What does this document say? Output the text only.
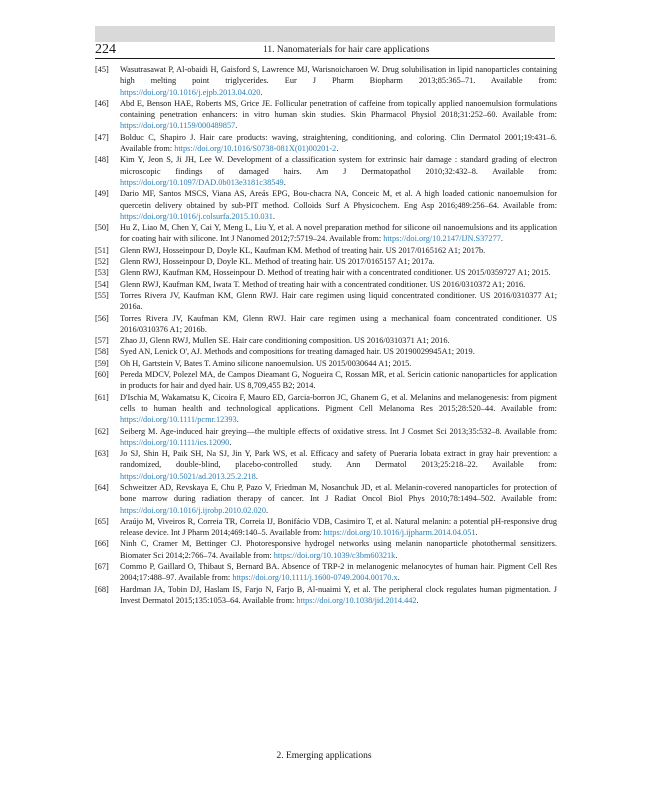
224	11. Nanomaterials for hair care applications
[45] Wasutrasawat P, Al-obaidi H, Gaisford S, Lawrence MJ, Warisnoicharoen W. Drug solubilisation in lipid nanoparticles containing high melting point triglycerides. Eur J Pharm Biopharm 2013;85:365–71. Available from: https://doi.org/10.1016/j.ejpb.2013.04.020.
[46] Abd E, Benson HAE, Roberts MS, Grice JE. Follicular penetration of caffeine from topically applied nanoemulsion formulations containing penetration enhancers: in vitro human skin studies. Skin Pharmacol Physiol 2018;31:252–60. Available from: https://doi.org/10.1159/000489857.
[47] Bolduc C, Shapiro J. Hair care products: waving, straightening, conditioning, and coloring. Clin Dermatol 2001;19:431–6. Available from: https://doi.org/10.1016/S0738-081X(01)00201-2.
[48] Kim Y, Jeon S, Ji JH, Lee W. Development of a classification system for extrinsic hair damage : standard grading of electron microscopic findings of damaged hairs. Am J Dermatopathol 2010;32:432–8. Available from: https://doi.org/10.1097/DAD.0b013e3181c38549.
[49] Dario MF, Santos MSCS, Viana AS, Areás EPG, Bou-chacra NA, Conceic M, et al. A high loaded cationic nanoemulsion for quercetin delivery obtained by sub-PIT method. Colloids Surf A Physicochem. Eng Asp 2016;489:256–64. Available from: https://doi.org/10.1016/j.colsurfa.2015.10.031.
[50] Hu Z, Liao M, Chen Y, Cai Y, Meng L, Liu Y, et al. A novel preparation method for silicone oil nanoemulsions and its application for coating hair with silicone. Int J Nanomed 2012;7:5719–24. Available from: https://doi.org/10.2147/IJN.S37277.
[51] Glenn RWJ, Hosseinpour D, Doyle KL, Kaufman KM. Method of treating hair. US 2017/0165162 A1; 2017b.
[52] Glenn RWJ, Hosseinpour D, Doyle KL. Method of treating hair. US 2017/0165157 A1; 2017a.
[53] Glenn RWJ, Kaufman KM, Hosseinpour D. Method of treating hair with a concentrated conditioner. US 2015/0359727 A1; 2015.
[54] Glenn RWJ, Kaufman KM, Iwata T. Method of treating hair with a concentrated conditioner. US 2016/0310372 A1; 2016.
[55] Torres Rivera JV, Kaufman KM, Glenn RWJ. Hair care regimen using liquid concentrated conditioner. US 2016/0310377 A1; 2016a.
[56] Torres Rivera JV, Kaufman KM, Glenn RWJ. Hair care regimen using a mechanical foam concentrated conditioner. US 2016/0310376 A1; 2016b.
[57] Zhao JJ, Glenn RWJ, Mullen SE. Hair care conditioning composition. US 2016/0310371 A1; 2016.
[58] Syed AN, Lenick O', AJ. Methods and compositions for treating damaged hair. US 20190029945A1; 2019.
[59] Oh H, Gartstein V, Bates T. Amino silicone nanoemulsion. US 2015/0030644 A1; 2015.
[60] Pereda MDCV, Polezel MA, de Campos Dieamant G, Nogueira C, Rossan MR, et al. Sericin cationic nanoparticles for application in products for hair and dyed hair. US 8,709,455 B2; 2014.
[61] D'Ischia M, Wakamatsu K, Cicoira F, Mauro ED, Garcia-borron JC, Ghanem G, et al. Melanins and melanogenesis: from pigment cells to human health and technological applications. Pigment Cell Melanoma Res 2015;28:520–44. Available from: https://doi.org/10.1111/pcmr.12393.
[62] Seiberg M. Age-induced hair greying—the multiple effects of oxidative stress. Int J Cosmet Sci 2013;35:532–8. Available from: https://doi.org/10.1111/ics.12090.
[63] Jo SJ, Shin H, Paik SH, Na SJ, Jin Y, Park WS, et al. Efficacy and safety of Pueraria lobata extract in gray hair prevention: a randomized, double-blind, placebo-controlled study. Ann Dermatol 2013;25:218–22. Available from: https://doi.org/10.5021/ad.2013.25.2.218.
[64] Schweitzer AD, Revskaya E, Chu P, Pazo V, Friedman M, Nosanchuk JD, et al. Melanin-covered nanoparticles for protection of bone marrow during radiation therapy of cancer. Int J Radiat Oncol Biol Phys 2010;78:1494–502. Available from: https://doi.org/10.1016/j.ijrobp.2010.02.020.
[65] Araújo M, Viveiros R, Correia TR, Correia IJ, Bonifácio VDB, Casimiro T, et al. Natural melanin: a potential pH-responsive drug release device. Int J Pharm 2014;469:140–5. Available from: https://doi.org/10.1016/j.ijpharm.2014.04.051.
[66] Ninh C, Cramer M, Bettinger CJ. Photoresponsive hydrogel networks using melanin nanoparticle photothermal sensitizers. Biomater Sci 2014;2:766–74. Available from: https://doi.org/10.1039/c3bm60321k.
[67] Commo P, Gaillard O, Thibaut S, Bernard BA. Absence of TRP-2 in melanogenic melanocytes of human hair. Pigment Cell Res 2004;17:488–97. Available from: https://doi.org/10.1111/j.1600-0749.2004.00170.x.
[68] Hardman JA, Tobin DJ, Haslam IS, Farjo N, Farjo B, Al-nuaimi Y, et al. The peripheral clock regulates human pigmentation. J Invest Dermatol 2015;135:1053–64. Available from: https://doi.org/10.1038/jid.2014.442.
2. Emerging applications
